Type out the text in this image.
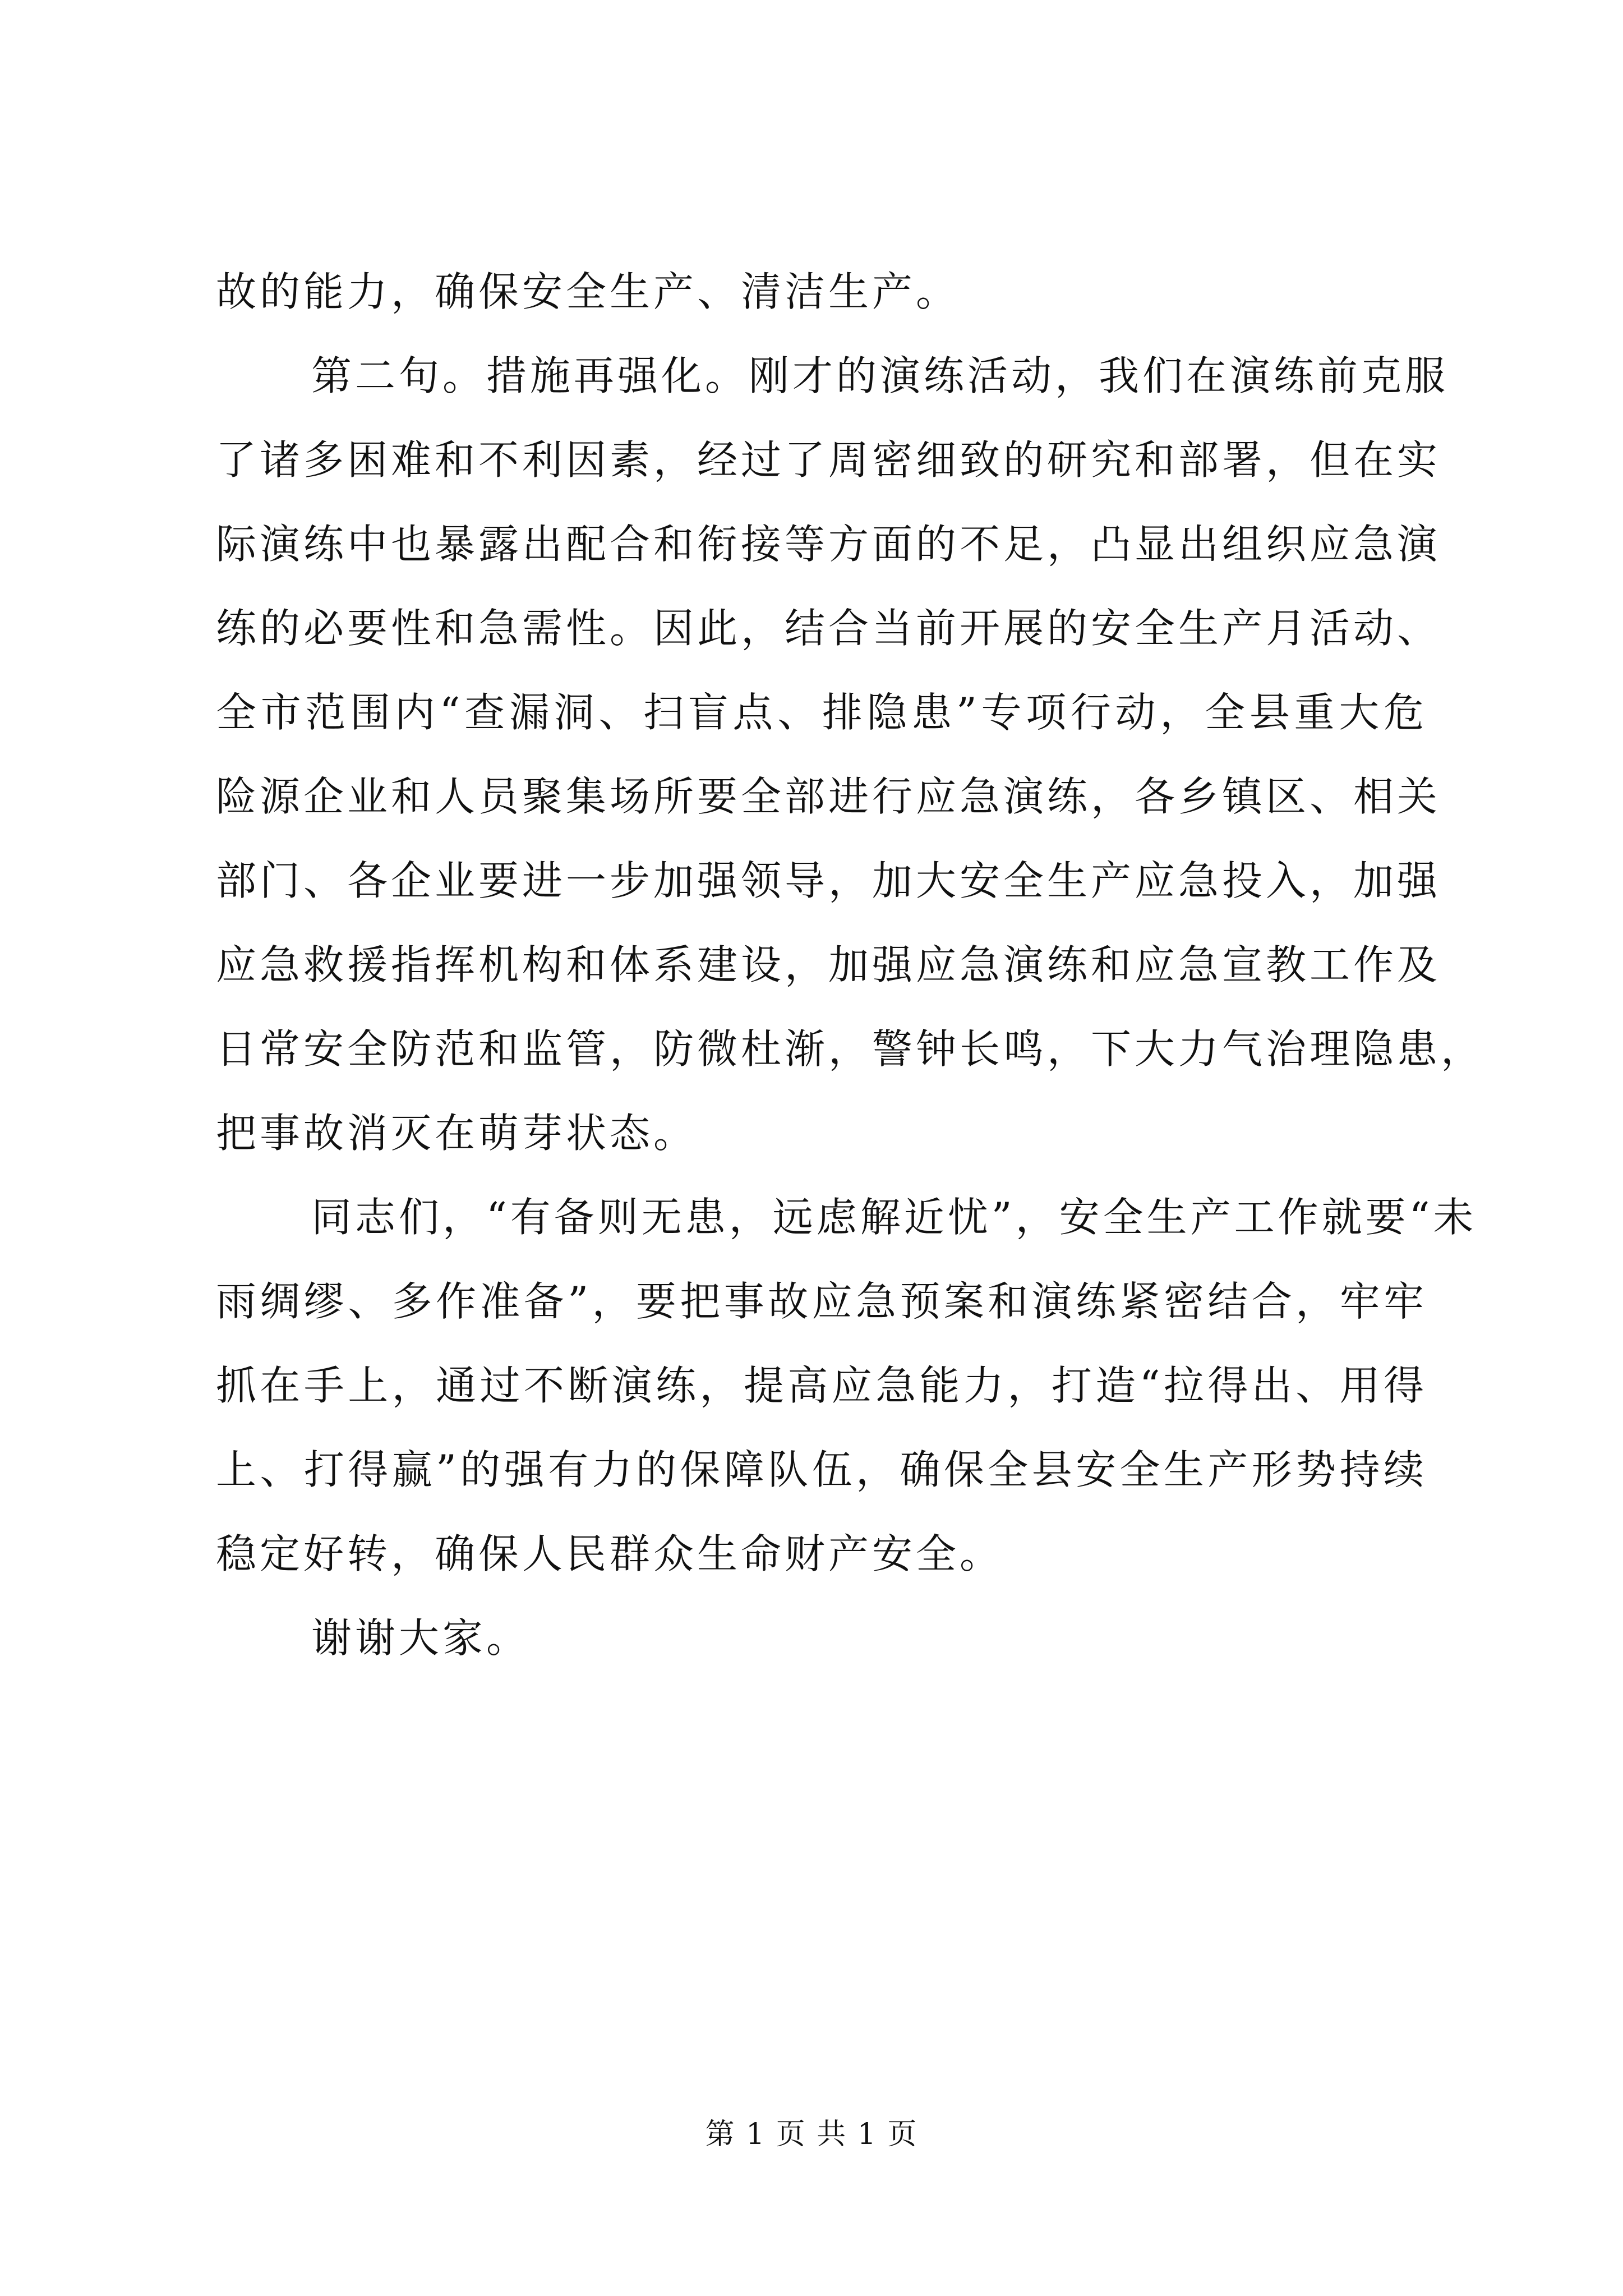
故的能力，确保安全生产、清洁生产。
第二句。措施再强化。刚才的演练活动，我们在演练前克服
了诸多困难和不利因素，经过了周密细致的研究和部署，但在实
际演练中也暴露出配合和衔接等方面的不足，凸显出组织应急演
练的必要性和急需性。因此，结合当前开展的安全生产月活动、
全市范围内“查漏洞、扫盲点、排隐患”专项行动，全县重大危
险源企业和人员聚集场所要全部进行应急演练，各乡镇区、相关
部门、各企业要进一步加强领导，加大安全生产应急投入，加强
应急救援指挥机构和体系建设，加强应急演练和应急宣教工作及
日常安全防范和监管，防微杜渐，警钟长鸣，下大力气治理隐患，
把事故消灭在萌芽状态。
同志们，“有备则无患，远虑解近忧”，安全生产工作就要“未
雨绸缪、多作准备”，要把事故应急预案和演练紧密结合，牢牢
抓在手上，通过不断演练，提高应急能力，打造“拉得出、用得
上、打得赢”的强有力的保障队伍，确保全县安全生产形势持续
稳定好转，确保人民群众生命财产安全。
谢谢大家。
第 1 页 共 1 页
